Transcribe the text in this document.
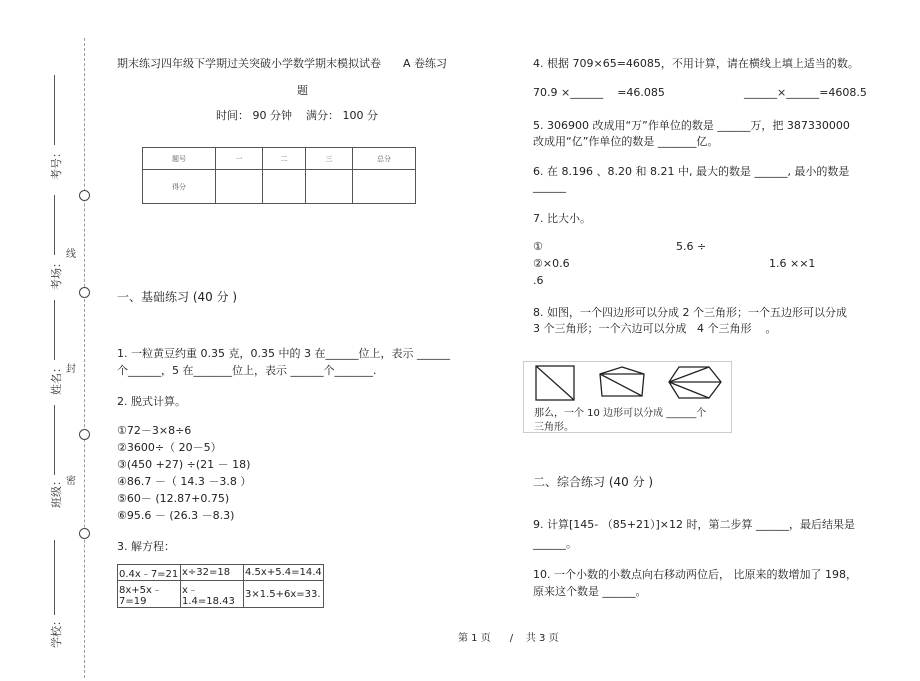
线
封
密
考号：
考场：
姓名：
班级：
学校：
期末练习四年级下学期过关突破小学数学期末模拟试卷 A 卷练习
题
时间： 90 分钟    满分： 100 分
题号	一	二	三	总分
得分				
一、基础练习 (40 分 )
1. 一粒黄豆约重 0.35 克，0.35 中的 3 在______位上，表示 ______
个______，5 在_______位上，表示 ______个_______.
2. 脱式计算。
①72－3×8÷6
②3600÷（ 20－5）
③(450 +27) ÷(21 － 18)
④86.7 －（ 14.3 －3.8 ）
⑤60－ (12.87+0.75)
⑥95.6 － (26.3 －8.3)
3. 解方程：
0.4x﹣7=21	x÷32=18	4.5x+5.4=14.4
8x+5x﹣7=19	x﹣1.4=18.43	3×1.5+6x=33.
4. 根据 709×65=46085，不用计算，请在横线上填上适当的数。
70.9 ×______    =46.085	______×______=4608.5
5. 306900 改成用“万”作单位的数是 ______万，把 387330000
改成用“亿”作单位的数是 _______亿。
6. 在 8.196 、8.20 和 8.21 中, 最大的数是 ______, 最小的数是
______
7. 比大小。
①	5.6 ÷
②×0.6	1.6 ××1
.6
8. 如图，一个四边形可以分成 2 个三角形；一个五边形可以分成
3 个三角形；一个六边可以分成   4 个三角形    。
那么，一个 10 边形可以分成 ______个
三角形。
二、综合练习 (40 分 )
9. 计算[145- （85+21）]×12 时，第二步算 ______，最后结果是
______。
10. 一个小数的小数点向右移动两位后， 比原来的数增加了 198，
原来这个数是 ______。
第 1 页      /    共 3 页
